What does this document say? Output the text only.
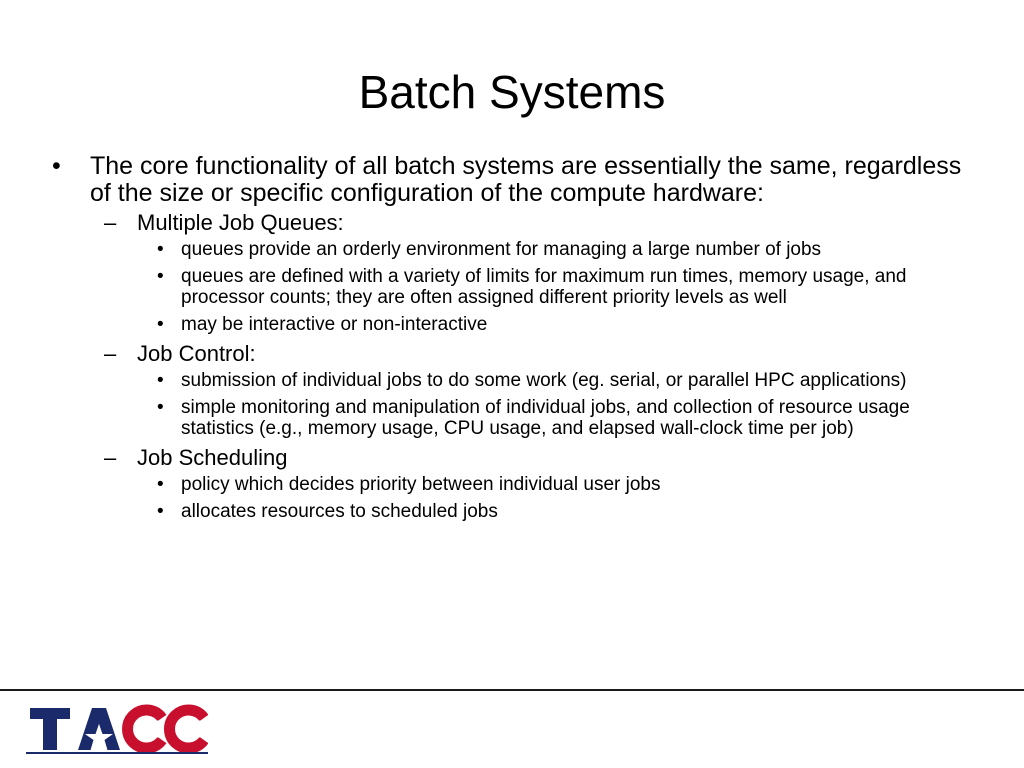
Batch Systems
• The core functionality of all batch systems are essentially the same, regardless of the size or specific configuration of the compute hardware:
– Multiple Job Queues:
• queues provide an orderly environment for managing a large number of jobs
• queues are defined with a variety of limits for maximum run times, memory usage, and processor counts; they are often assigned different priority levels as well
• may be interactive or non-interactive
– Job Control:
• submission of individual jobs to do some work (eg. serial, or parallel HPC applications)
• simple monitoring and manipulation of individual jobs, and collection of resource usage statistics (e.g., memory usage, CPU usage, and elapsed wall-clock time per job)
– Job Scheduling
• policy which decides priority between individual user jobs
• allocates resources to scheduled jobs
